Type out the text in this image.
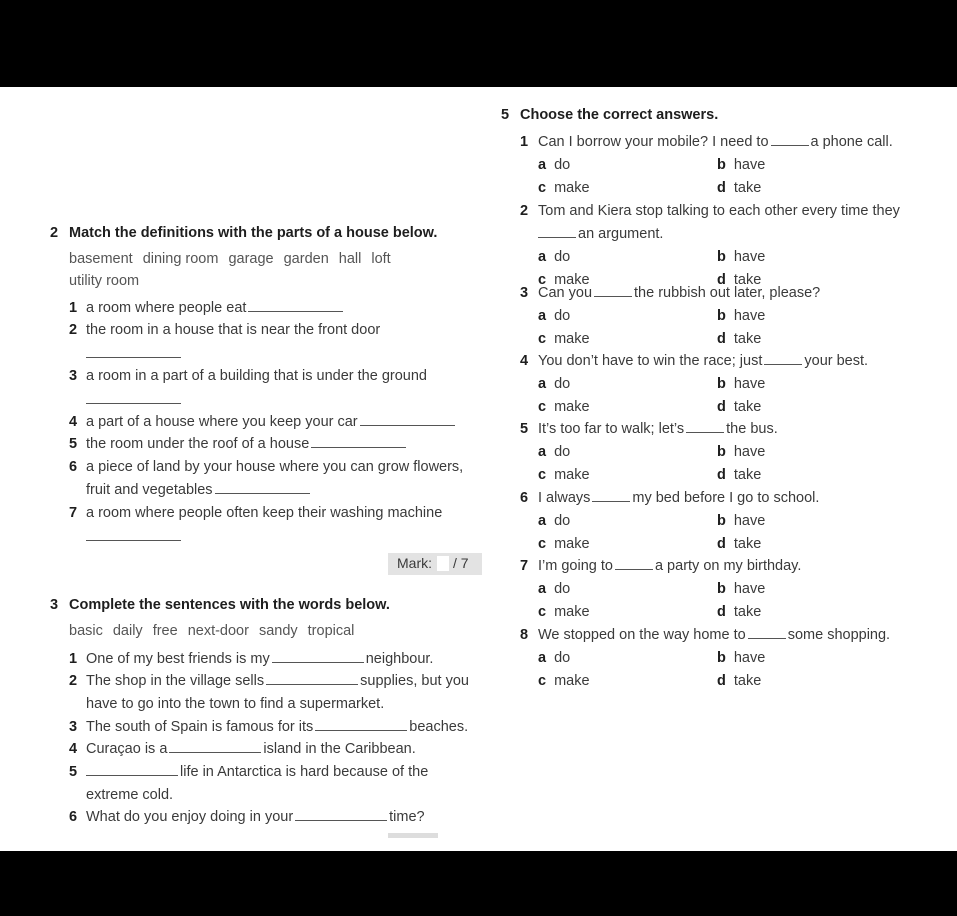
2 Match the definitions with the parts of a house below.
basement dining room garage garden hall loft
utility room
1 a room where people eat
2 the room in a house that is near the front door
3 a room in a part of a building that is under the ground
4 a part of a house where you keep your car
5 the room under the roof of a house
6 a piece of land by your house where you can grow flowers,
fruit and vegetables
7 a room where people often keep their washing machine
Mark: / 7
3 Complete the sentences with the words below.
basic daily free next-door sandy tropical
1 One of my best friends is my	neighbour.
2 The shop in the village sells	supplies, but you
have to go into the town to find a supermarket.
3 The south of Spain is famous for its	beaches.
4 Curaçao is a	island in the Caribbean.
5	life in Antarctica is hard because of the
extreme cold.
6 What do you enjoy doing in your	time?
5 Choose the correct answers.
1 Can I borrow your mobile? I need to	a phone call.
a do	b have
c make	d take
2 Tom and Kiera stop talking to each other every time they
an argument.
a do	b have
c make	d take
3 Can you	the rubbish out later, please?
a do	b have
c make	d take
4 You don’t have to win the race; just	your best.
a do	b have
c make	d take
5 It’s too far to walk; let’s	the bus.
a do	b have
c make	d take
6 I always	my bed before I go to school.
a do	b have
c make	d take
7 I’m going to	a party on my birthday.
a do	b have
c make	d take
8 We stopped on the way home to	some shopping.
a do	b have
c make	d take
